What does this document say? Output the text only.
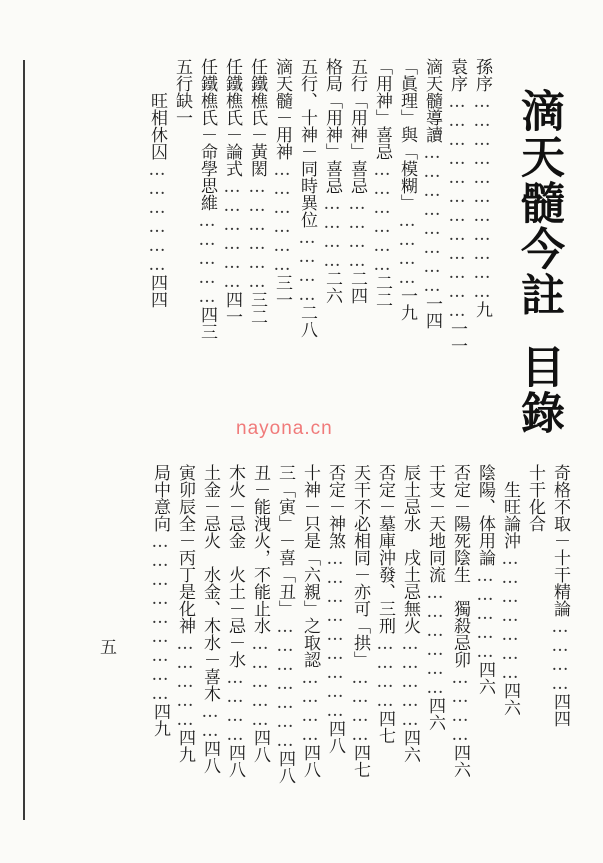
滴天髓今註目錄
孫序……………………………九
袁序………………………………一一
滴天髓導讀……………………一四
「眞理」與「模糊」…………一九
「用神」喜忌………………二二
五行「用神」喜忌…………二四
格局「用神」喜忌…………二六
五行、十神－同時異位…………二八
滴天髓－用神………………三一
任鐵樵氏－黃閎………………三二
任鐵樵氏－論式………………四一
任鐵樵氏－命學思維……………四三
五行缺一
　　旺相休囚………………四四
奇格不取－十干精論…………四四
十干化合
　生旺論沖…………………四六
陰陽、体用論……………四六
否定－陽死陰生　獨殺忌卯…………四六
干支－天地同流………………四六
辰土忌水　戌土忌無火……………四六
否定－墓庫沖發、三刑…………四七
天干不必相同－亦可「拱」…………四七
否定－神煞………………………四八
十神－只是「六親」之取認…………四八
三「寅」－喜「丑」…………………四八
丑－能洩火，不能止水……………四八
木火－忌金　火土－忌－水…………四八
土金－忌火　水金、木水－喜木……四八
寅卯辰全－丙丁是化神……………四九
局中意向………………………四九
nayona.cn
五
